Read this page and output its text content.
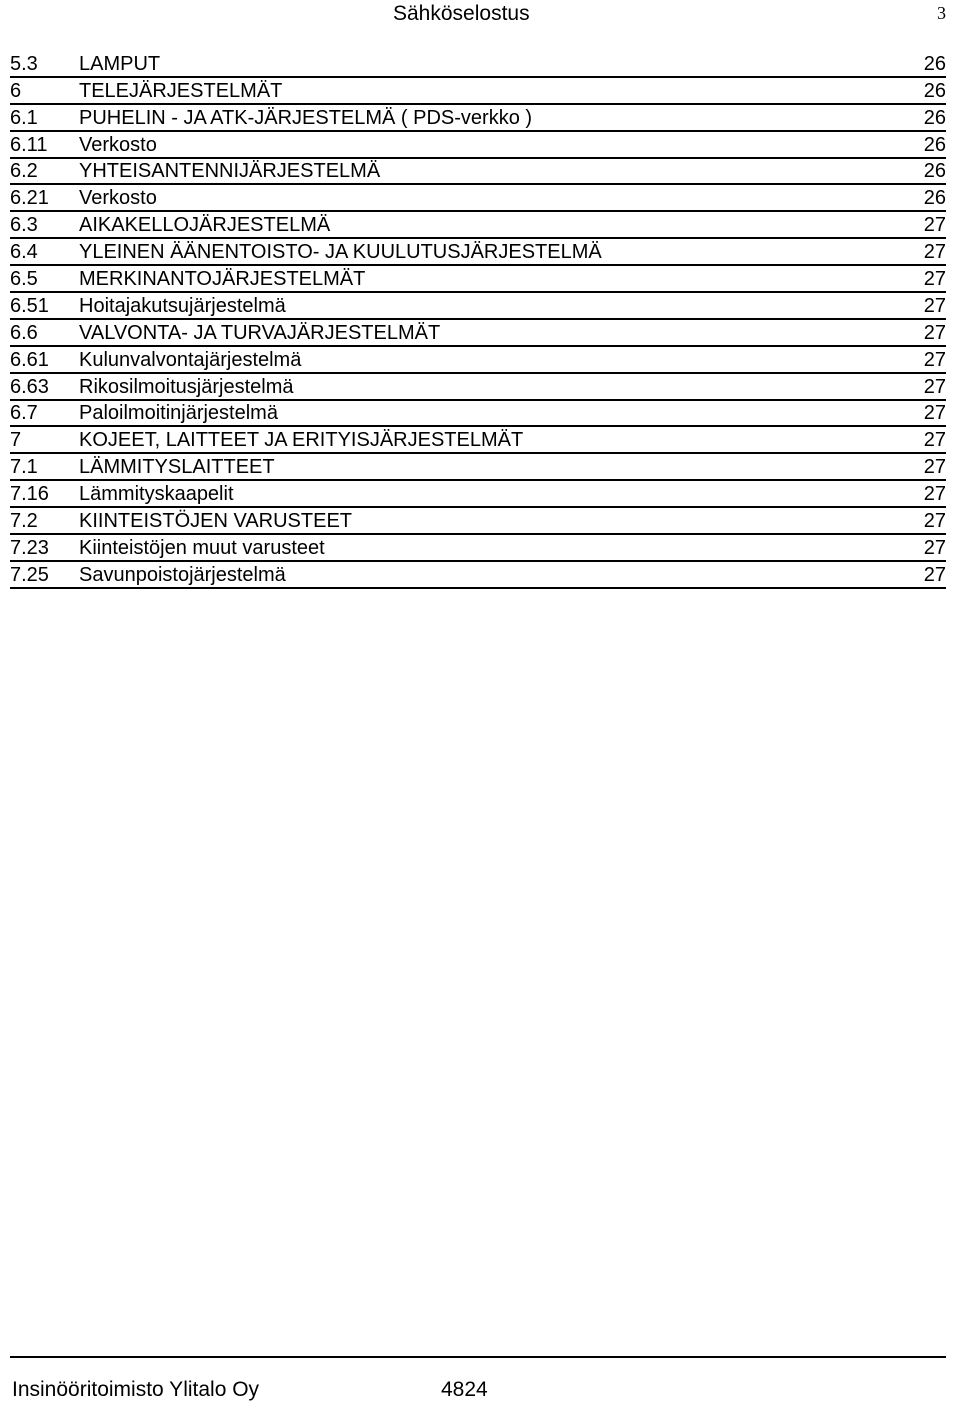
Sähköselostus	3
5.3 LAMPUT	26
6	TELEJÄRJESTELMÄT	26
6.1 PUHELIN - JA ATK-JÄRJESTELMÄ ( PDS-verkko )	26
6.11 Verkosto	26
6.2 YHTEISANTENNIJÄRJESTELMÄ	26
6.21 Verkosto	26
6.3 AIKAKELLOJÄRJESTELMÄ	27
6.4 YLEINEN ÄÄNENTOISTO- JA KUULUTUSJÄRJESTELMÄ	27
6.5 MERKINANTOJÄRJESTELMÄT	27
6.51 Hoitajakutsujärjestelmä	27
6.6 VALVONTA- JA TURVAJÄRJESTELMÄT	27
6.61 Kulunvalvontajärjestelmä	27
6.63 Rikosilmoitusjärjestelmä	27
6.7 Paloilmoitinjärjestelmä	27
7	KOJEET, LAITTEET JA ERITYISJÄRJESTELMÄT	27
7.1 LÄMMITYSLAITTEET	27
7.16 Lämmityskaapelit	27
7.2 KIINTEISTÖJEN VARUSTEET	27
7.23 Kiinteistöjen muut varusteet	27
7.25 Savunpoistojärjestelmä	27
Insinööritoimisto Ylitalo Oy	4824
